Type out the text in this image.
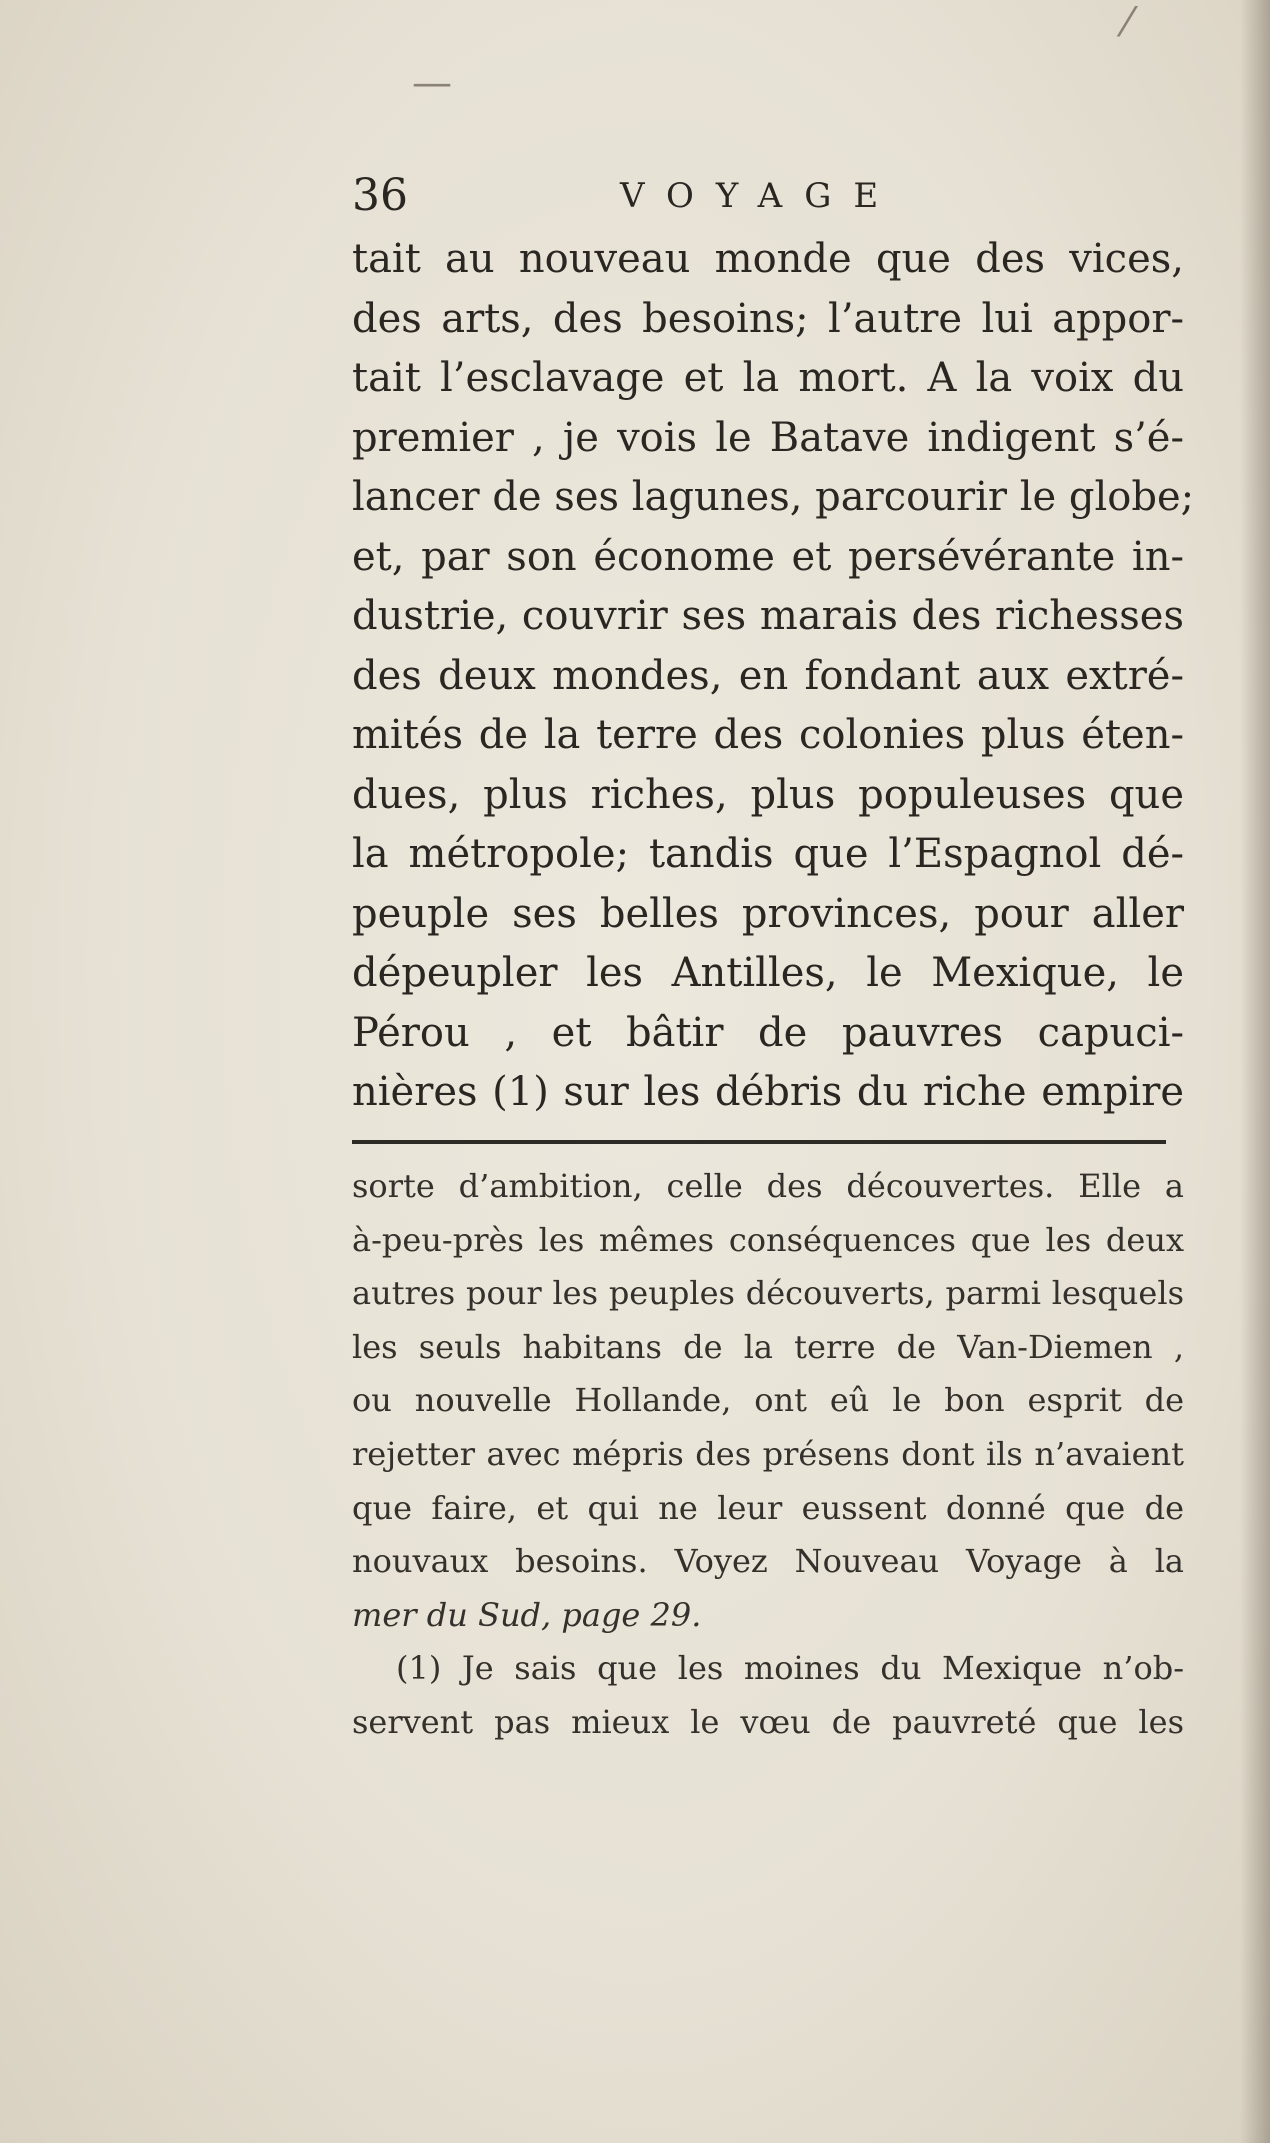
—
⁄
36	VOYAGE
tait au nouveau monde que des vices,
des arts, des besoins; l’autre lui appor-
tait l’esclavage et la mort. A la voix du
premier , je vois le Batave indigent s’é-
lancer de ses lagunes, parcourir le globe;
et, par son économe et persévérante in-
dustrie, couvrir ses marais des richesses
des deux mondes, en fondant aux extré-
mités de la terre des colonies plus éten-
dues, plus riches, plus populeuses que
la métropole; tandis que l’Espagnol dé-
peuple ses belles provinces, pour aller
dépeupler les Antilles, le Mexique, le
Pérou , et bâtir de pauvres capuci-
nières (1) sur les débris du riche empire
sorte d’ambition, celle des découvertes. Elle a
à-peu-près les mêmes conséquences que les deux
autres pour les peuples découverts, parmi lesquels
les seuls habitans de la terre de Van-Diemen ,
ou nouvelle Hollande, ont eû le bon esprit de
rejetter avec mépris des présens dont ils n’avaient
que faire, et qui ne leur eussent donné que de
nouvaux besoins. Voyez Nouveau Voyage à la
mer du Sud, page 29.
(1) Je sais que les moines du Mexique n’ob-
servent pas mieux le vœu de pauvreté que les
